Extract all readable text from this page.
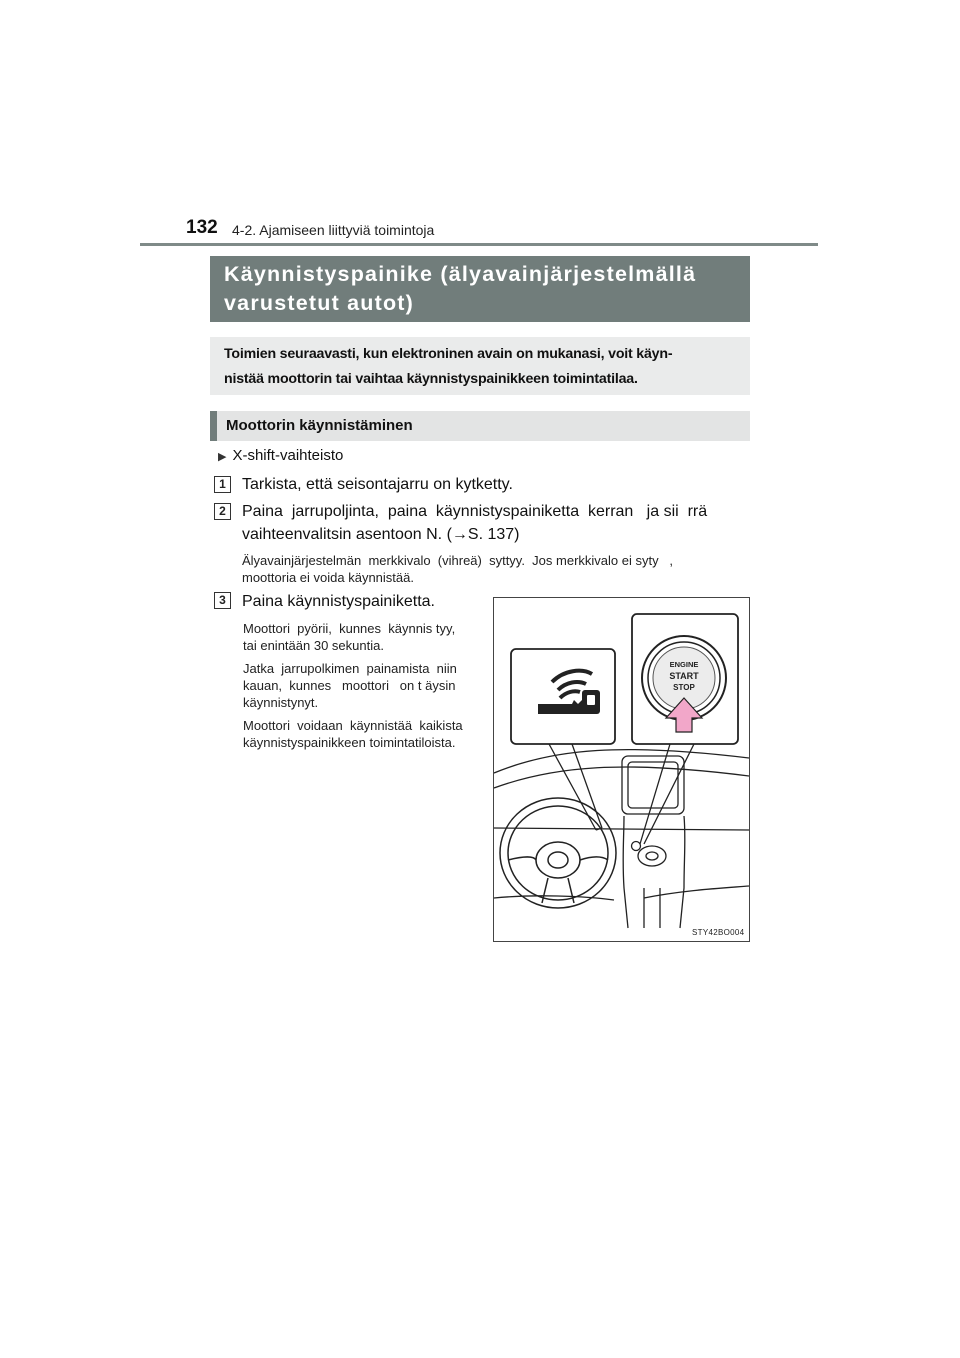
132 4-2. Ajamiseen liittyviä toimintoja
Käynnistyspainike (älyavainjärjestelmällä
varustetut autot)
Toimien seuraavasti, kun elektroninen avain on mukanasi, voit käyn-
nistää moottorin tai vaihtaa käynnistyspainikkeen toimintatilaa.
Moottorin käynnistäminen
▶ X-shift-vaihteisto
1	Tarkista, että seisontajarru on kytketty.
2	Paina  jarrupoljinta,  paina  käynnistyspainiketta  kerran   ja sii  rrä
vaihteenvalitsin asentoon N. (→S. 137)
Älyavainjärjestelmän  merkkivalo  (vihreä)  syttyy.  Jos merkkivalo ei syty   ,
moottoria ei voida käynnistää.
3	Paina käynnistyspainiketta.
Moottori  pyörii,  kunnes  käynnis tyy,
tai enintään 30 sekuntia.
Jatka  jarrupolkimen  painamista  niin
kauan,  kunnes   moottori   on t äysin
käynnistynyt.
Moottori  voidaan  käynnistää  kaikista
käynnistyspainikkeen toimintatiloista.
ENGINE
START
STOP
STY42BO004
